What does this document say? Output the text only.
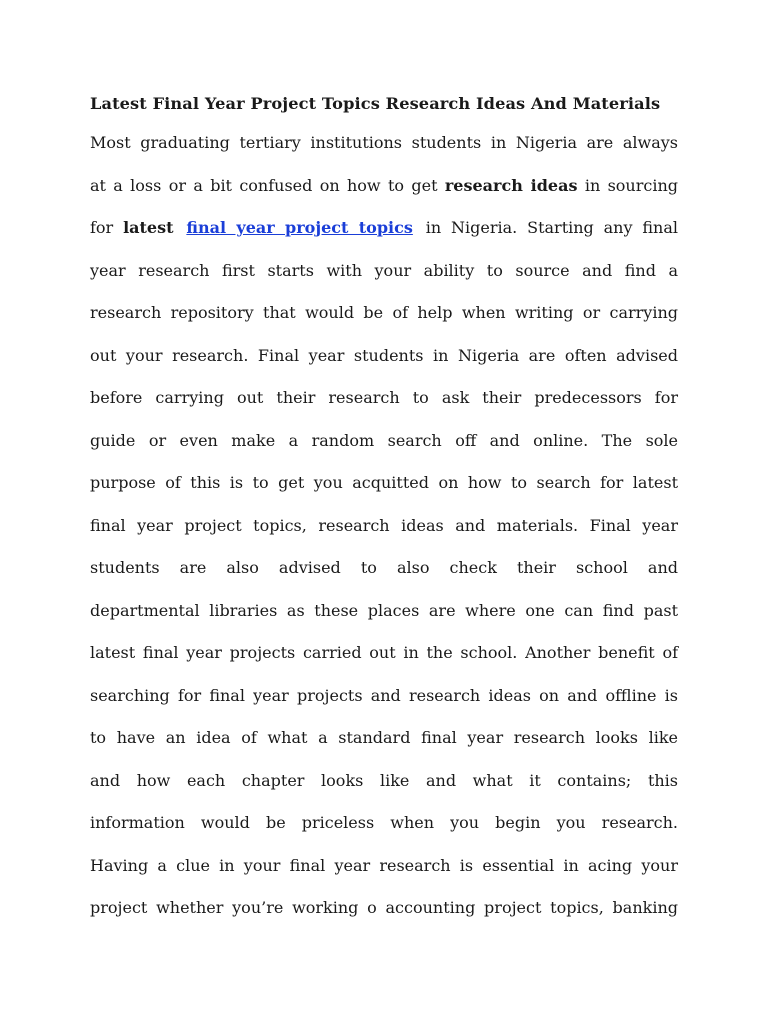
Latest Final Year Project Topics Research Ideas And Materials

Most graduating tertiary institutions students in Nigeria are always
at a loss or a bit confused on how to get research ideas in sourcing
for latest final year project topics in Nigeria. Starting any final
year research first starts with your ability to source and find a
research repository that would be of help when writing or carrying
out your research. Final year students in Nigeria are often advised
before carrying out their research to ask their predecessors for
guide or even make a random search off and online. The sole
purpose of this is to get you acquitted on how to search for latest
final year project topics, research ideas and materials. Final year
students are also advised to also check their school and
departmental libraries as these places are where one can find past
latest final year projects carried out in the school. Another benefit of
searching for final year projects and research ideas on and offline is
to have an idea of what a standard final year research looks like
and how each chapter looks like and what it contains; this
information would be priceless when you begin you research.
Having a clue in your final year research is essential in acing your
project whether you’re working o accounting project topics, banking
